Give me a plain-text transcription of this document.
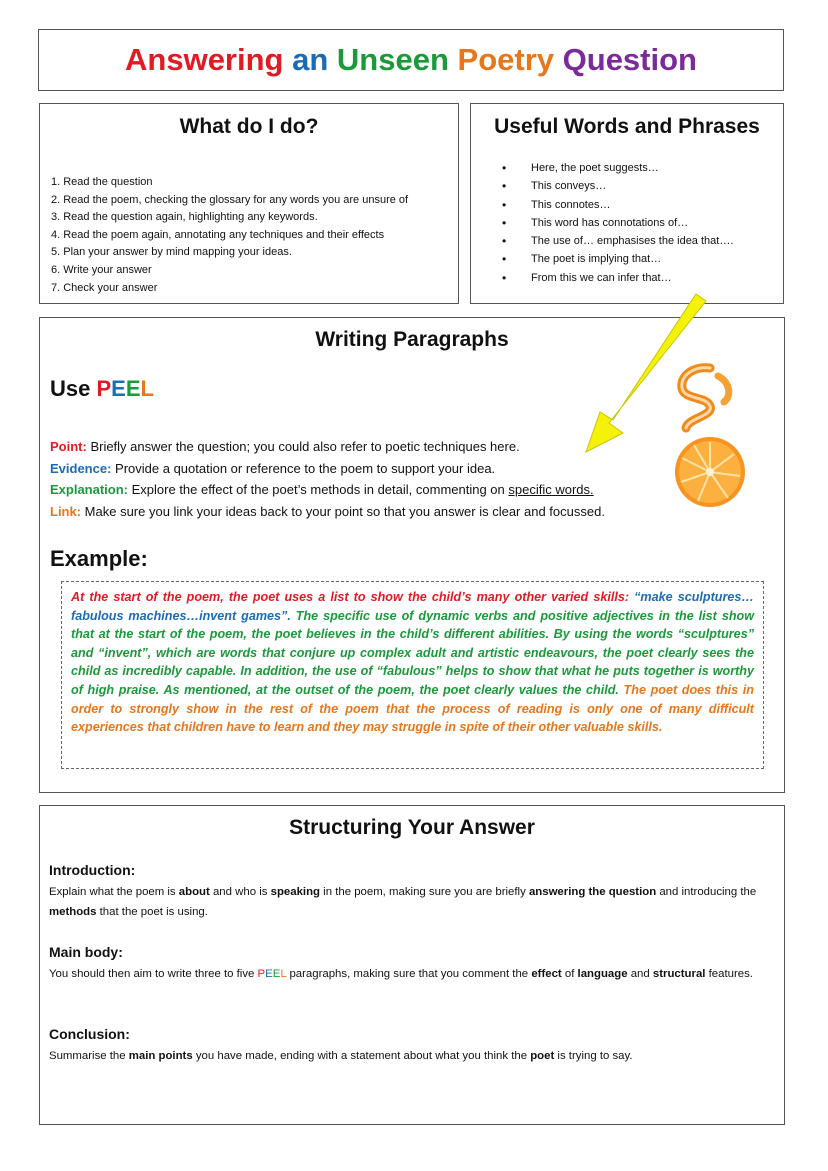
Answering an Unseen Poetry Question
What do I do?
1. Read the question
2. Read the poem, checking the glossary for any words you are unsure of
3. Read the question again, highlighting any keywords.
4. Read the poem again, annotating any techniques and their effects
5. Plan your answer by mind mapping your ideas.
6. Write your answer
7. Check your answer
Useful Words and Phrases
• Here, the poet suggests…
• This conveys…
• This connotes…
• This word has connotations of…
• The use of… emphasises the idea that….
• The poet is implying that…
• From this we can infer that…
Writing Paragraphs
Use PEEL
Point: Briefly answer the question; you could also refer to poetic techniques here.
Evidence: Provide a quotation or reference to the poem to support your idea.
Explanation: Explore the effect of the poet’s methods in detail, commenting on specific words.
Link: Make sure you link your ideas back to your point so that you answer is clear and focussed.
Example:

At the start of the poem, the poet uses a list to show the child’s many other varied skills: “make sculptures…fabulous machines…invent games”. The specific use of dynamic verbs and positive adjectives in the list show that at the start of the poem, the poet believes in the child’s different abilities. By using the words “sculptures” and “invent”, which are words that conjure up complex adult and artistic endeavours, the poet clearly sees the child as incredibly capable. In addition, the use of “fabulous” helps to show that what he puts together is worthy of high praise. As mentioned, at the outset of the poem, the poet clearly values the child. The poet does this in order to strongly show in the rest of the poem that the process of reading is only one of many difficult experiences that children have to learn and they may struggle in spite of their other valuable skills.

Structuring Your Answer
Introduction:

Explain what the poem is about and who is speaking in the poem, making sure you are briefly answering the question and introducing the methods that the poet is using.

Main body:

You should then aim to write three to five PEEL paragraphs, making sure that you comment the effect of language and structural features.

Conclusion:

Summarise the main points you have made, ending with a statement about what you think the poet is trying to say.
